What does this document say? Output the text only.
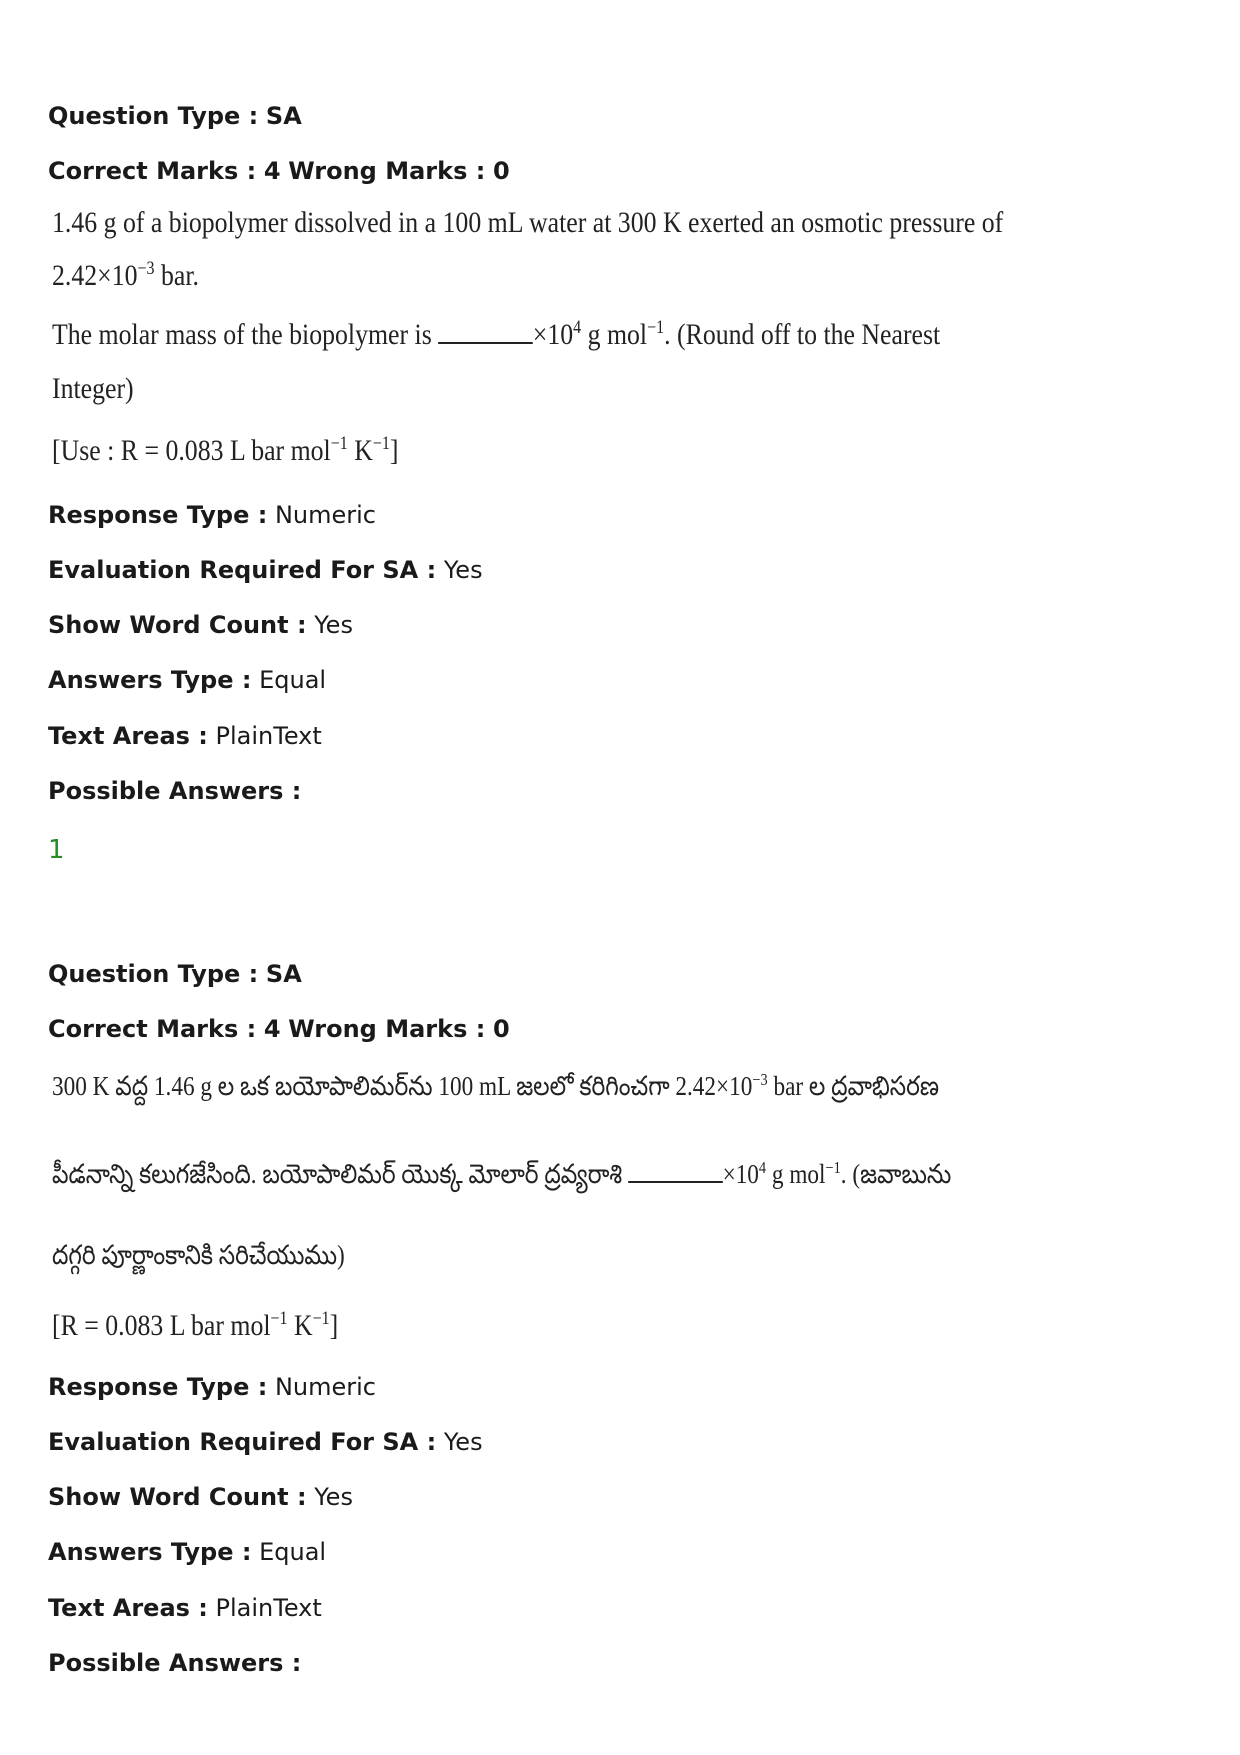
Question Type : SA

Correct Marks : 4 Wrong Marks : 0

1.46 g of a biopolymer dissolved in a 100 mL water at 300 K exerted an osmotic pressure of
$2.42\times 10^{-3}$ bar.
The molar mass of the biopolymer is	$\times 10^4$ g mol$^{-1}$. (Round off to the Nearest
Integer)
[Use : R = 0.083 L bar mol$^{-1}$ $K^{-1}$]

Response Type : Numeric

Evaluation Required For SA : Yes

Show Word Count : Yes

Answers Type : Equal

Text Areas : PlainText

Possible Answers :

1

Question Type : SA

Correct Marks : 4 Wrong Marks : 0

300 K వద్ద 1.46 g ల ఒక బయోపాలిమర్‌ను 100 mL జలలో కరిగించగా $2.42\times 10^{-3}$ bar ల ద్రవాభిసరణ
పీడనాన్ని కలుగజేసింది. బయోపాలిమర్ యొక్క మోలార్ ద్రవ్యరాశి	$\times 10^4$ g mol$^{-1}$. (జవాబును
దగ్గరి పూర్ణాంకానికి సరిచేయుము)
[R = 0.083 L bar mol$^{-1}$ $K^{-1}$]

Response Type : Numeric

Evaluation Required For SA : Yes

Show Word Count : Yes

Answers Type : Equal

Text Areas : PlainText

Possible Answers :
